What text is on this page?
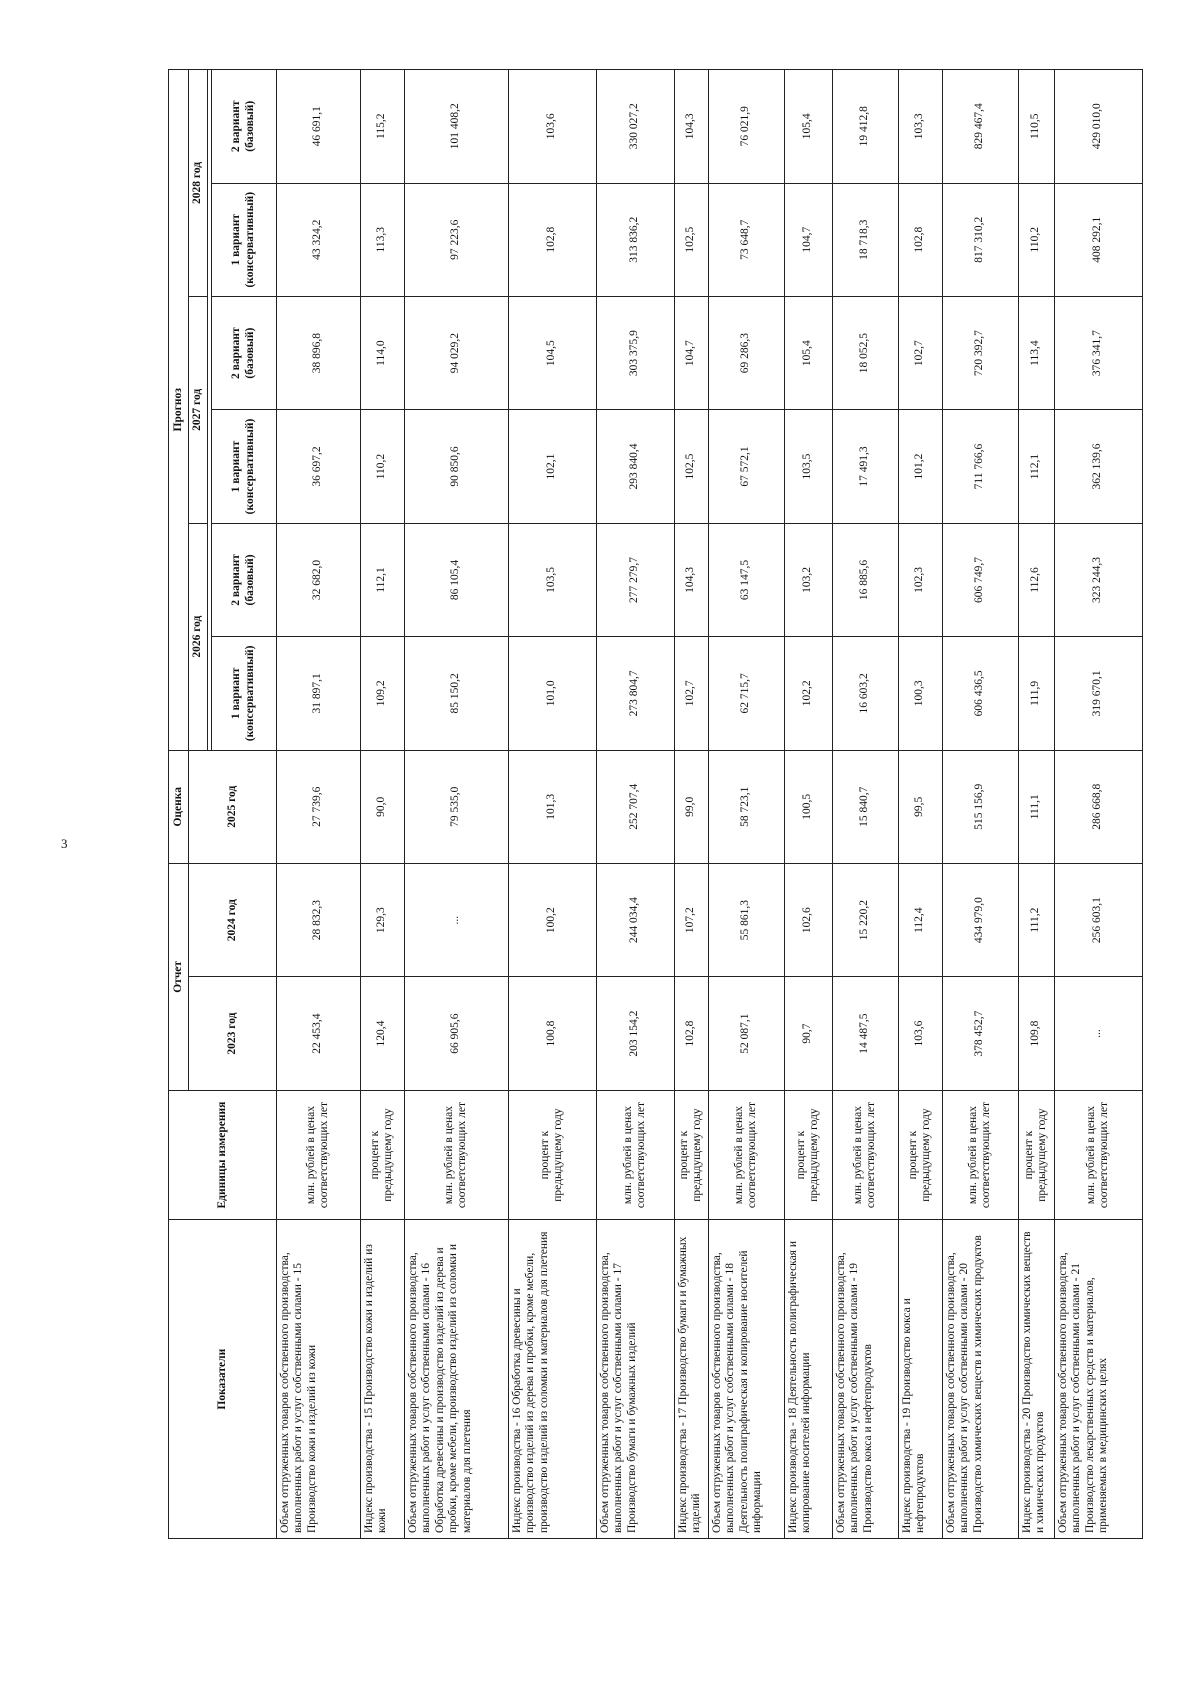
3
Показатели	Единицы измерения	Отчет		Оценка	Прогноз					
		2023 год	2024 год	2025 год	2026 год		2027 год		2028 год	

					1 вариант (консервативный)	2 вариант (базовый)	1 вариант (консервативный)	2 вариант (базовый)	1 вариант (консервативный)	2 вариант (базовый)
Объем отгруженных товаров собственного производства, выполненных работ и услуг собственными силами - 15 Производство кожи и изделий из кожи	млн. рублей в ценах соответствующих лет	22 453,4	28 832,3	27 739,6	31 897,1	32 682,0	36 697,2	38 896,8	43 324,2	46 691,1
Индекс производства - 15 Производство кожи и изделий из кожи	процент к предыдущему году	120,4	129,3	90,0	109,2	112,1	110,2	114,0	113,3	115,2
Объем отгруженных товаров собственного производства, выполненных работ и услуг собственными силами - 16 Обработка древесины и производство изделий из дерева и пробки, кроме мебели, производство изделий из соломки и материалов для плетения	млн. рублей в ценах соответствующих лет	66 905,6	...	79 535,0	85 150,2	86 105,4	90 850,6	94 029,2	97 223,6	101 408,2
Индекс производства - 16 Обработка древесины и производство изделий из дерева и пробки, кроме мебели, производство изделий из соломки и материалов для плетения	процент к предыдущему году	100,8	100,2	101,3	101,0	103,5	102,1	104,5	102,8	103,6
Объем отгруженных товаров собственного производства, выполненных работ и услуг собственными силами - 17 Производство бумаги и бумажных изделий	млн. рублей в ценах соответствующих лет	203 154,2	244 034,4	252 707,4	273 804,7	277 279,7	293 840,4	303 375,9	313 836,2	330 027,2
Индекс производства - 17 Производство бумаги и бумажных изделий	процент к предыдущему году	102,8	107,2	99,0	102,7	104,3	102,5	104,7	102,5	104,3
Объем отгруженных товаров собственного производства, выполненных работ и услуг собственными силами - 18 Деятельность полиграфическая и копирование носителей информации	млн. рублей в ценах соответствующих лет	52 087,1	55 861,3	58 723,1	62 715,7	63 147,5	67 572,1	69 286,3	73 648,7	76 021,9
Индекс производства - 18 Деятельность полиграфическая и копирование носителей информации	процент к предыдущему году	90,7	102,6	100,5	102,2	103,2	103,5	105,4	104,7	105,4
Объем отгруженных товаров собственного производства, выполненных работ и услуг собственными силами - 19 Производство кокса и нефтепродуктов	млн. рублей в ценах соответствующих лет	14 487,5	15 220,2	15 840,7	16 603,2	16 885,6	17 491,3	18 052,5	18 718,3	19 412,8
Индекс производства - 19 Производство кокса и нефтепродуктов	процент к предыдущему году	103,6	112,4	99,5	100,3	102,3	101,2	102,7	102,8	103,3
Объем отгруженных товаров собственного производства, выполненных работ и услуг собственными силами - 20 Производство химических веществ и химических продуктов	млн. рублей в ценах соответствующих лет	378 452,7	434 979,0	515 156,9	606 436,5	606 749,7	711 766,6	720 392,7	817 310,2	829 467,4
Индекс производства - 20 Производство химических веществ и химических продуктов	процент к предыдущему году	109,8	111,2	111,1	111,9	112,6	112,1	113,4	110,2	110,5
Объем отгруженных товаров собственного производства, выполненных работ и услуг собственными силами - 21 Производство лекарственных средств и материалов, применяемых в медицинских целях	млн. рублей в ценах соответствующих лет	...	256 603,1	286 668,8	319 670,1	323 244,3	362 139,6	376 341,7	408 292,1	429 010,0
